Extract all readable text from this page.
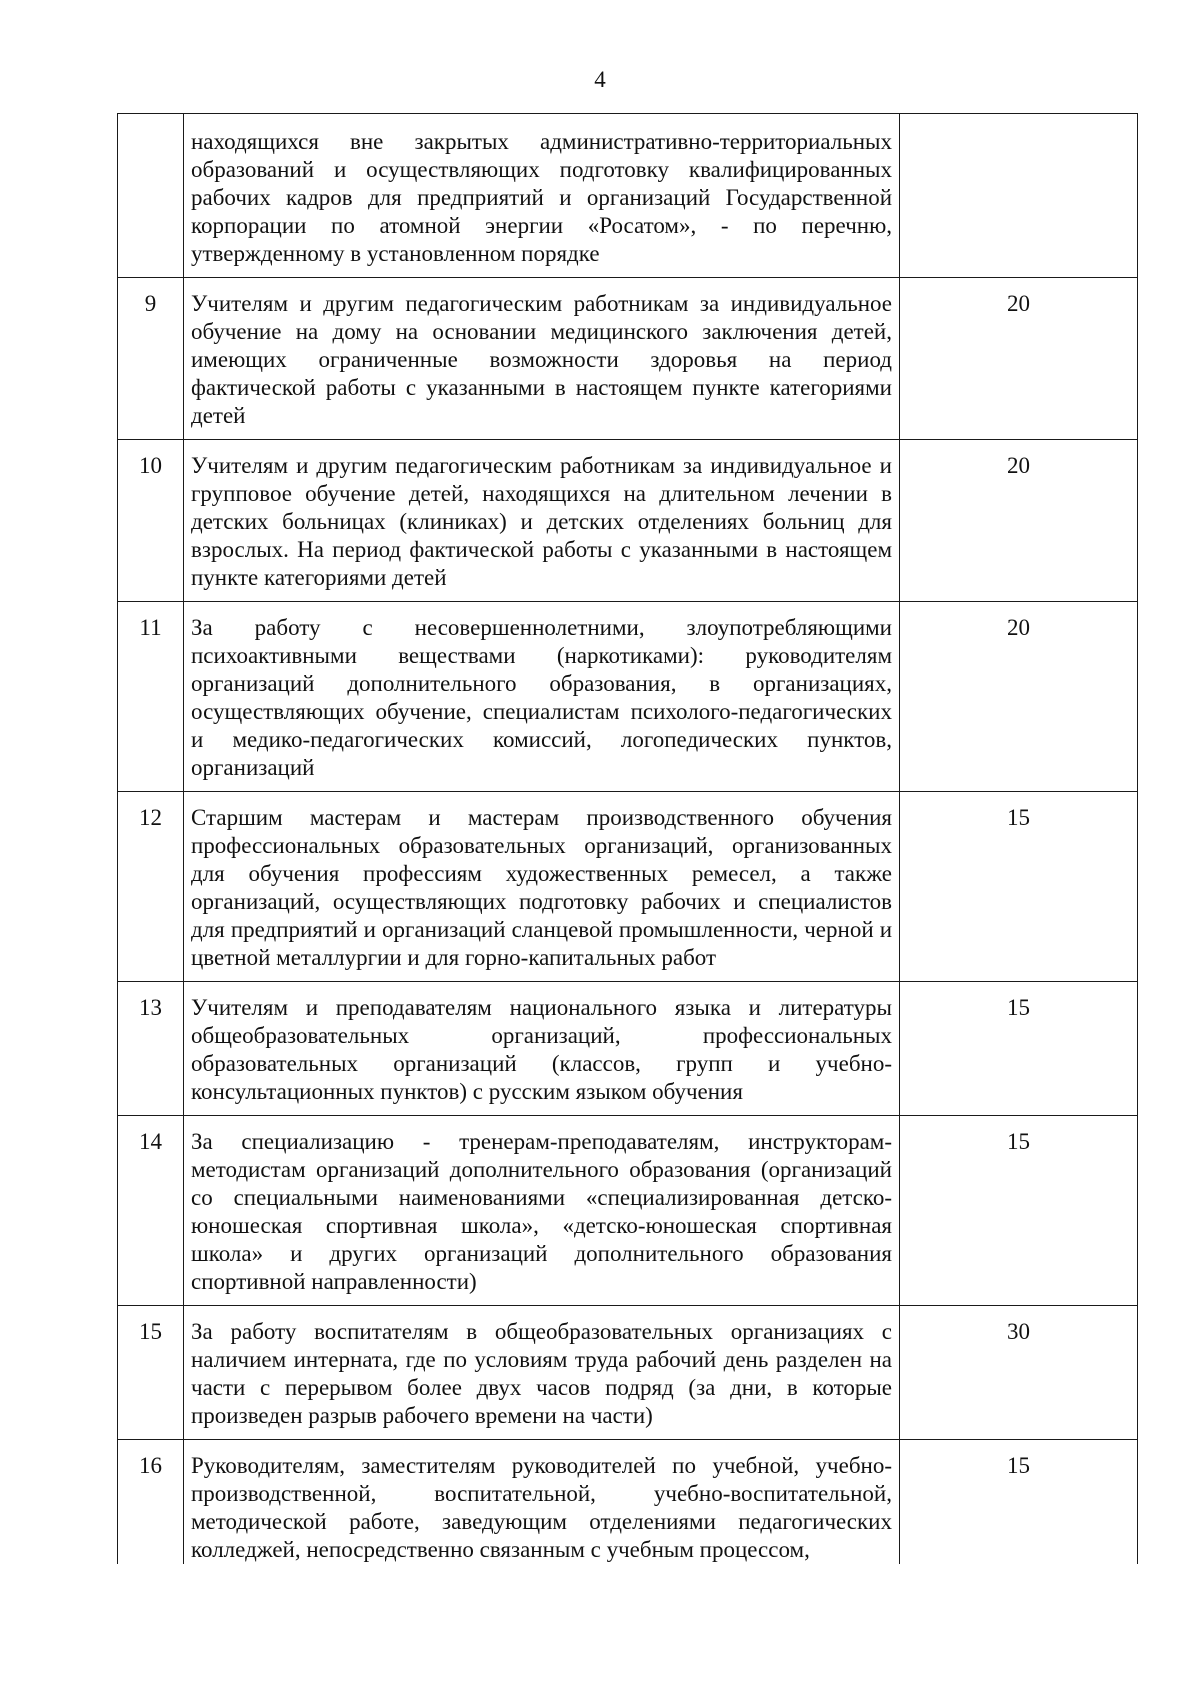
4
	находящихся вне закрытых административно-территориальных образований и осуществляющих подготовку квалифицированных рабочих кадров для предприятий и организаций Государственной корпорации по атомной энергии «Росатом», - по перечню, утвержденному в установленном порядке	
9	Учителям и другим педагогическим работникам за индивидуальное обучение на дому на основании медицинского заключения детей, имеющих ограниченные возможности здоровья на период фактической работы с указанными в настоящем пункте категориями детей	20
10	Учителям и другим педагогическим работникам за индивидуальное и групповое обучение детей, находящихся на длительном лечении в детских больницах (клиниках) и детских отделениях больниц для взрослых. На период фактической работы с указанными в настоящем пункте категориями детей	20
11	За работу с несовершеннолетними, злоупотребляющими психоактивными веществами (наркотиками): руководителям организаций дополнительного образования, в организациях, осуществляющих обучение, специалистам психолого-педагогических и медико-педагогических комиссий, логопедических пунктов, организаций	20
12	Старшим мастерам и мастерам производственного обучения профессиональных образовательных организаций, организованных для обучения профессиям художественных ремесел, а также организаций, осуществляющих подготовку рабочих и специалистов для предприятий и организаций сланцевой промышленности, черной и цветной металлургии и для горно-капитальных работ	15
13	Учителям и преподавателям национального языка и литературы общеобразовательных организаций, профессиональных образовательных организаций (классов, групп и учебно-консультационных пунктов) с русским языком обучения	15
14	За специализацию - тренерам-преподавателям, инструкторам-методистам организаций дополнительного образования (организаций со специальными наименованиями «специализированная детско-юношеская спортивная школа», «детско-юношеская спортивная школа» и других организаций дополнительного образования спортивной направленности)	15
15	За работу воспитателям в общеобразовательных организациях с наличием интерната, где по условиям труда рабочий день разделен на части с перерывом более двух часов подряд (за дни, в которые произведен разрыв рабочего времени на части)	30
16	Руководителям, заместителям руководителей по учебной, учебно-производственной, воспитательной, учебно-воспитательной, методической работе, заведующим отделениями педагогических колледжей, непосредственно связанным с учебным процессом,	15
